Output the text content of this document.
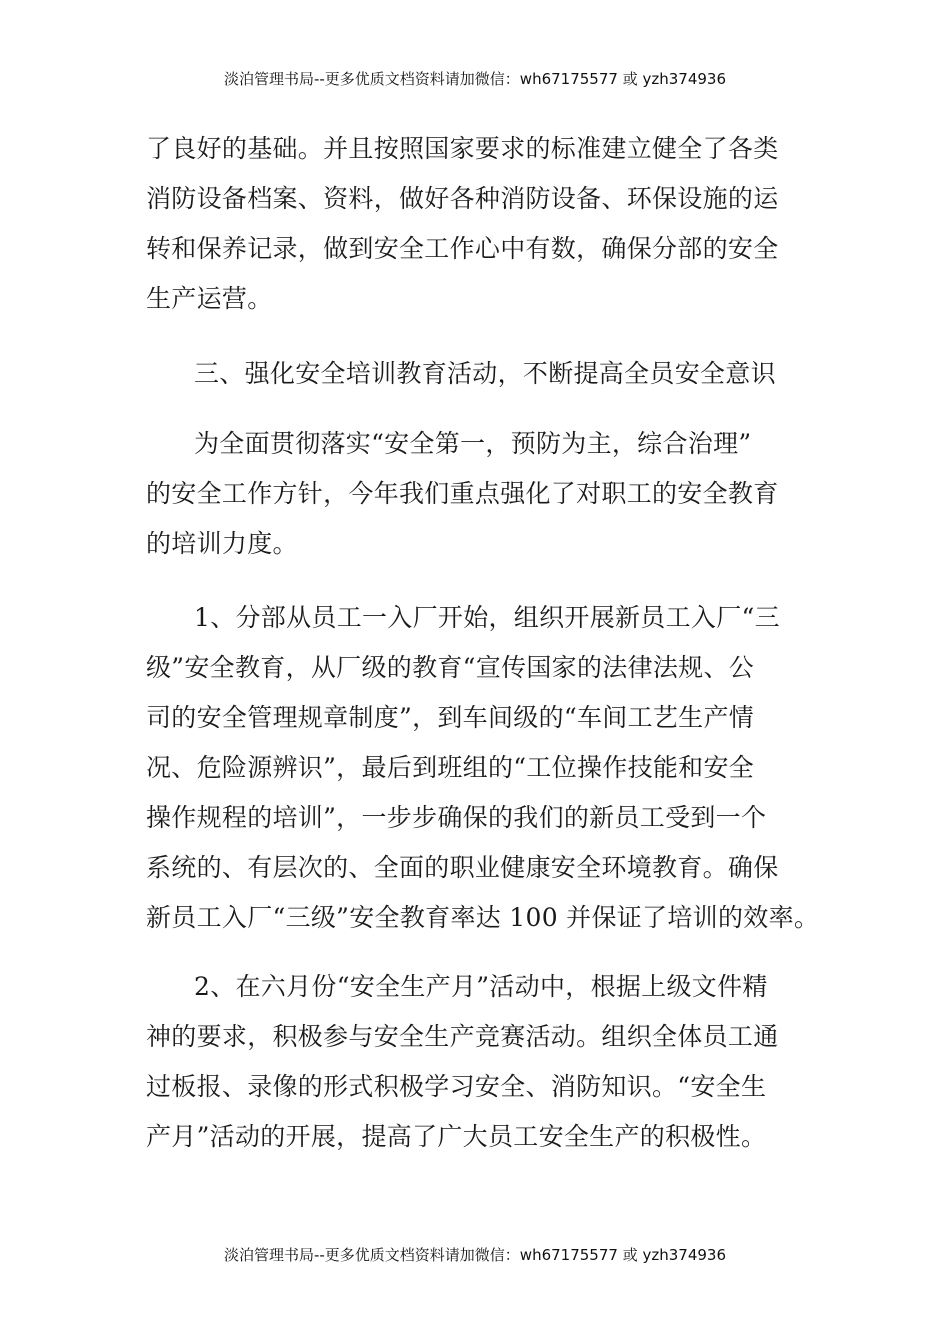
淡泊管理书局--更多优质文档资料请加微信：wh67175577 或 yzh374936
了良好的基础。并且按照国家要求的标准建立健全了各类
消防设备档案、资料，做好各种消防设备、环保设施的运
转和保养记录，做到安全工作心中有数，确保分部的安全
生产运营。
三、强化安全培训教育活动，不断提高全员安全意识
为全面贯彻落实“安全第一，预防为主，综合治理”
的安全工作方针，今年我们重点强化了对职工的安全教育
的培训力度。
1、分部从员工一入厂开始，组织开展新员工入厂“三
级”安全教育，从厂级的教育“宣传国家的法律法规、公
司的安全管理规章制度”，到车间级的“车间工艺生产情
况、危险源辨识”，最后到班组的“工位操作技能和安全
操作规程的培训”，一步步确保的我们的新员工受到一个
系统的、有层次的、全面的职业健康安全环境教育。确保
新员工入厂“三级”安全教育率达 100 并保证了培训的效率。
2、在六月份“安全生产月”活动中，根据上级文件精
神的要求，积极参与安全生产竞赛活动。组织全体员工通
过板报、录像的形式积极学习安全、消防知识。“安全生
产月”活动的开展，提高了广大员工安全生产的积极性。
淡泊管理书局--更多优质文档资料请加微信：wh67175577 或 yzh374936
